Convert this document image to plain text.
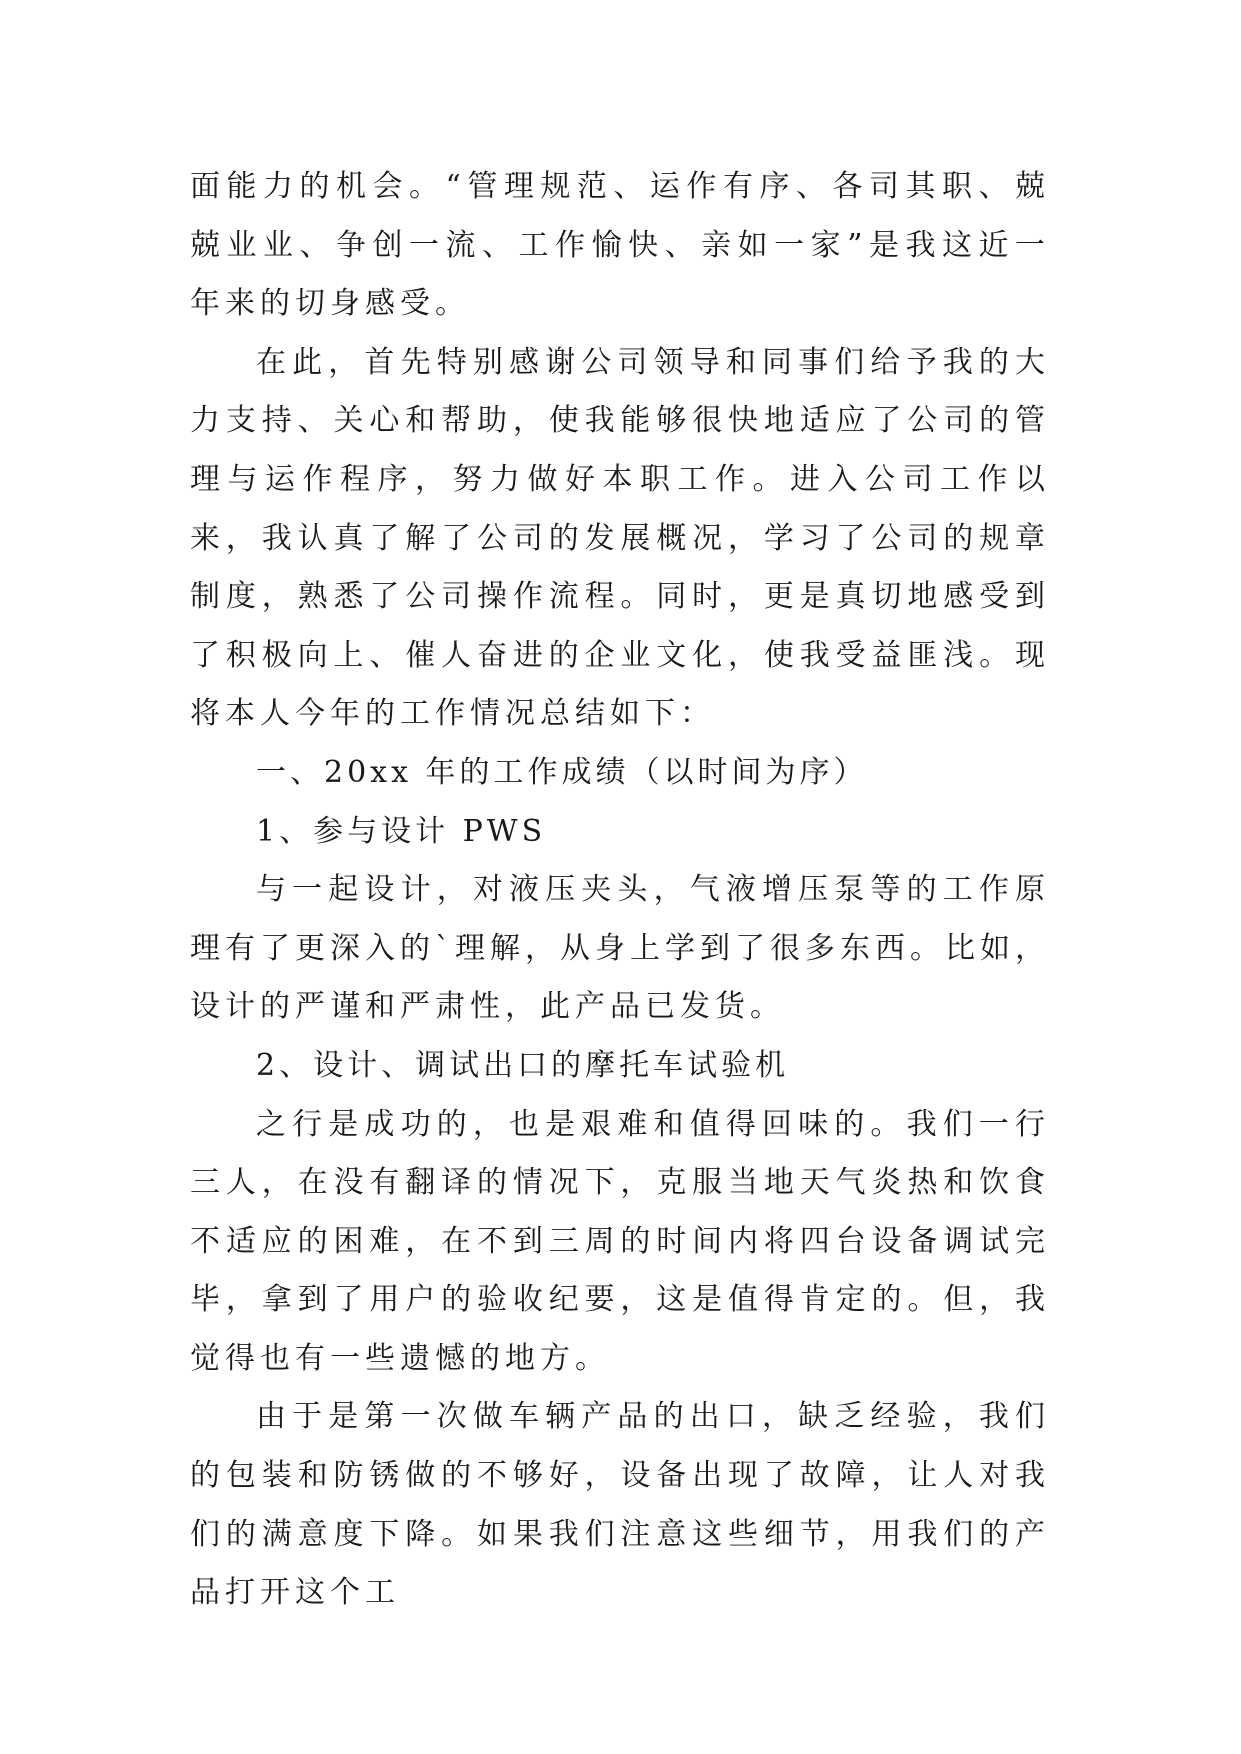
面能力的机会。“管理规范、运作有序、各司其职、兢兢业业、争创一流、工作愉快、亲如一家”是我这近一年来的切身感受。

在此，首先特别感谢公司领导和同事们给予我的大力支持、关心和帮助，使我能够很快地适应了公司的管理与运作程序，努力做好本职工作。进入公司工作以来，我认真了解了公司的发展概况，学习了公司的规章制度，熟悉了公司操作流程。同时，更是真切地感受到了积极向上、催人奋进的企业文化，使我受益匪浅。现将本人今年的工作情况总结如下：

一、20xx 年的工作成绩（以时间为序）

1、参与设计 PWS

与一起设计，对液压夹头，气液增压泵等的工作原理有了更深入的`理解，从身上学到了很多东西。比如，设计的严谨和严肃性，此产品已发货。

2、设计、调试出口的摩托车试验机

之行是成功的，也是艰难和值得回味的。我们一行三人，在没有翻译的情况下，克服当地天气炎热和饮食不适应的困难，在不到三周的时间内将四台设备调试完毕，拿到了用户的验收纪要，这是值得肯定的。但，我觉得也有一些遗憾的地方。

由于是第一次做车辆产品的出口，缺乏经验，我们的包装和防锈做的不够好，设备出现了故障，让人对我们的满意度下降。如果我们注意这些细节，用我们的产品打开这个工
